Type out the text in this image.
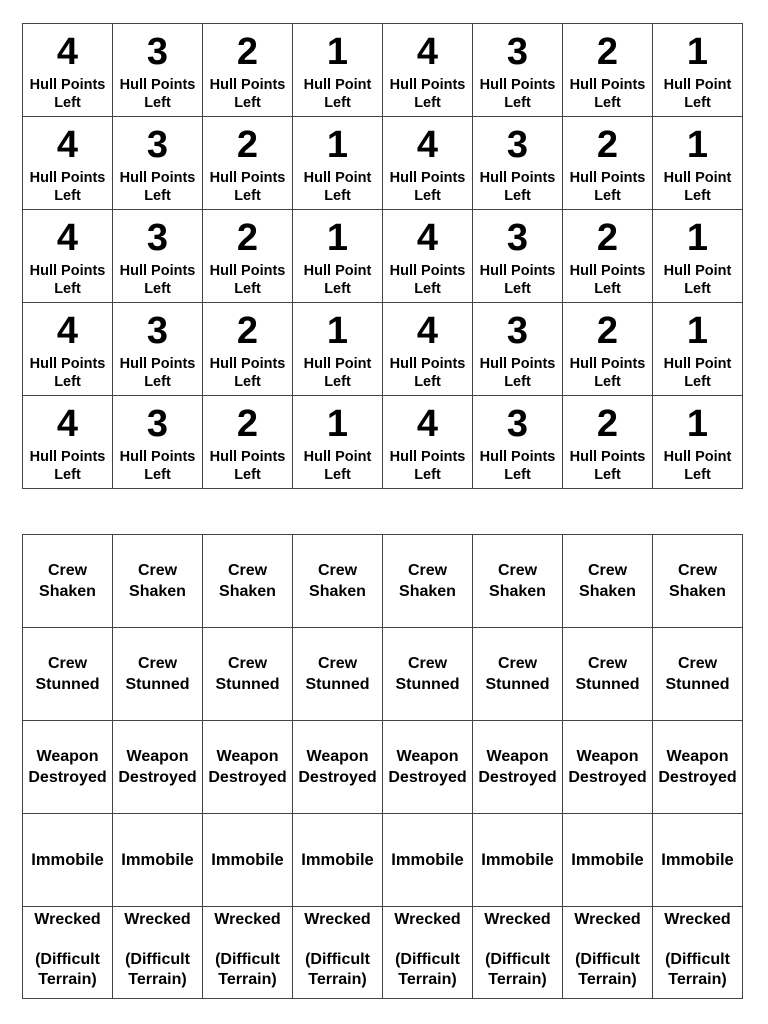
4
Hull Points
Left	3
Hull Points
Left	2
Hull Points
Left	1
Hull Point
Left	4
Hull Points
Left	3
Hull Points
Left	2
Hull Points
Left	1
Hull Point
Left

4
Hull Points
Left	3
Hull Points
Left	2
Hull Points
Left	1
Hull Point
Left	4
Hull Points
Left	3
Hull Points
Left	2
Hull Points
Left	1
Hull Point
Left

4
Hull Points
Left	3
Hull Points
Left	2
Hull Points
Left	1
Hull Point
Left	4
Hull Points
Left	3
Hull Points
Left	2
Hull Points
Left	1
Hull Point
Left

4
Hull Points
Left	3
Hull Points
Left	2
Hull Points
Left	1
Hull Point
Left	4
Hull Points
Left	3
Hull Points
Left	2
Hull Points
Left	1
Hull Point
Left

4
Hull Points
Left	3
Hull Points
Left	2
Hull Points
Left	1
Hull Point
Left	4
Hull Points
Left	3
Hull Points
Left	2
Hull Points
Left	1
Hull Point
Left
Crew
Shaken	Crew
Shaken	Crew
Shaken	Crew
Shaken	Crew
Shaken	Crew
Shaken	Crew
Shaken	Crew
Shaken

Crew
Stunned	Crew
Stunned	Crew
Stunned	Crew
Stunned	Crew
Stunned	Crew
Stunned	Crew
Stunned	Crew
Stunned

Weapon
Destroyed	Weapon
Destroyed	Weapon
Destroyed	Weapon
Destroyed	Weapon
Destroyed	Weapon
Destroyed	Weapon
Destroyed	Weapon
Destroyed

Immobile	Immobile	Immobile	Immobile	Immobile	Immobile	Immobile	Immobile

Wrecked
(Difficult
Terrain)	Wrecked
(Difficult
Terrain)	Wrecked
(Difficult
Terrain)	Wrecked
(Difficult
Terrain)	Wrecked
(Difficult
Terrain)	Wrecked
(Difficult
Terrain)	Wrecked
(Difficult
Terrain)	Wrecked
(Difficult
Terrain)
